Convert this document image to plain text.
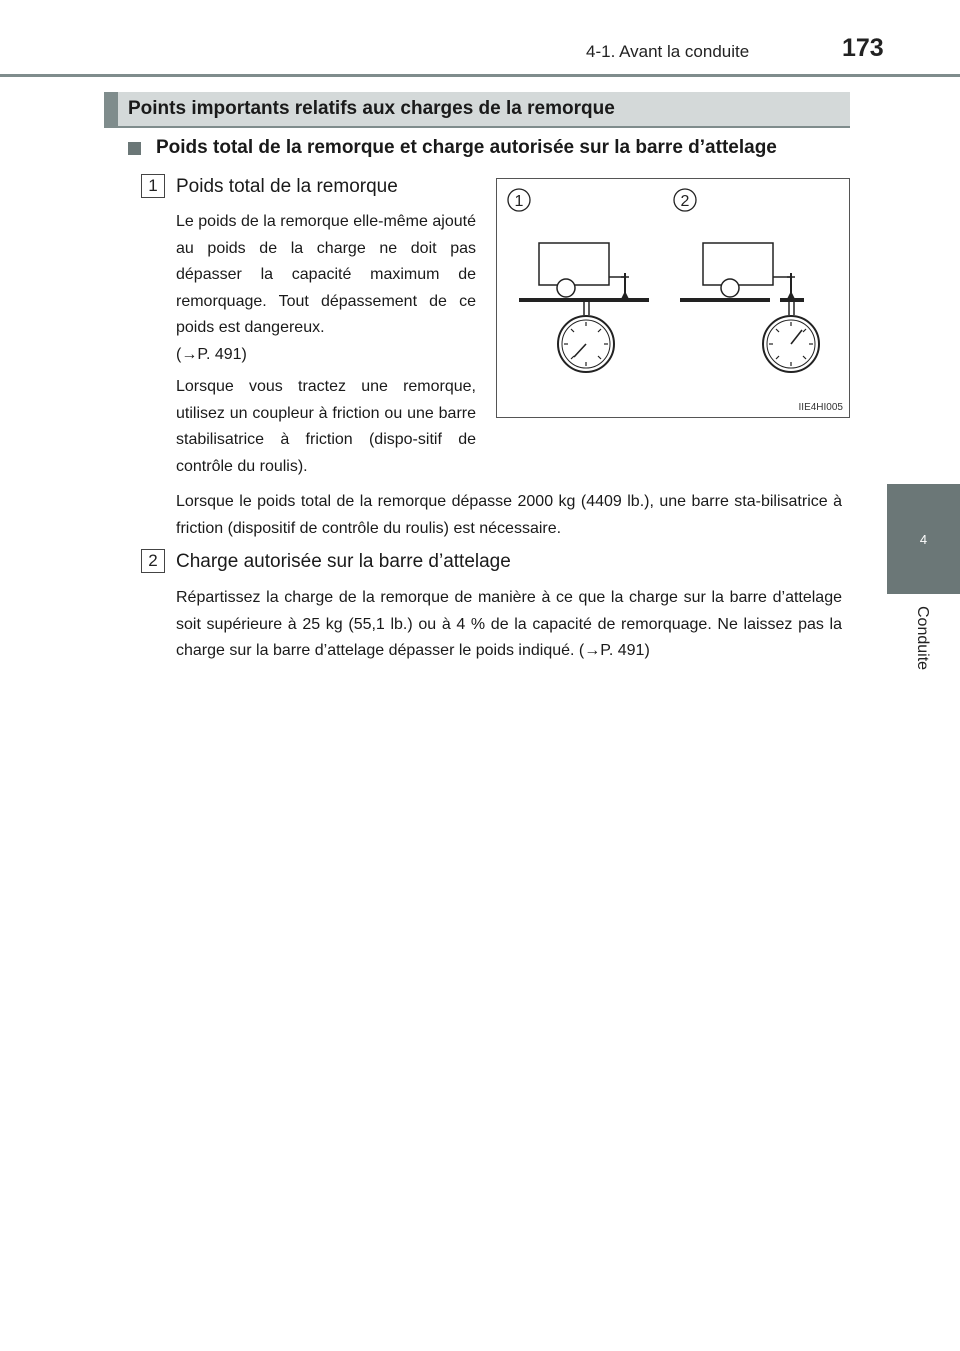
4-1. Avant la conduite	173
4
Conduite
Points importants relatifs aux charges de la remorque
Poids total de la remorque et charge autorisée sur la barre d’attelage
1 Poids total de la remorque

Le poids de la remorque elle-même ajouté au poids de la charge ne doit pas dépasser la capacité maximum de remorquage. Tout dépassement de ce poids est dangereux.

(→P. 491)

Lorsque vous tractez une remorque, utilisez un coupleur à friction ou une barre stabilisatrice à friction (dispo-sitif de contrôle du roulis).

Lorsque le poids total de la remorque dépasse 2000 kg (4409 lb.), une barre sta-bilisatrice à friction (dispositif de contrôle du roulis) est nécessaire.

2 Charge autorisée sur la barre d’attelage

Répartissez la charge de la remorque de manière à ce que la charge sur la barre d’attelage soit supérieure à 25 kg (55,1 lb.) ou à 4 % de la capacité de remorquage. Ne laissez pas la charge sur la barre d’attelage dépasser le poids indiqué. (→P. 491)

1	2
IIE4HI005
